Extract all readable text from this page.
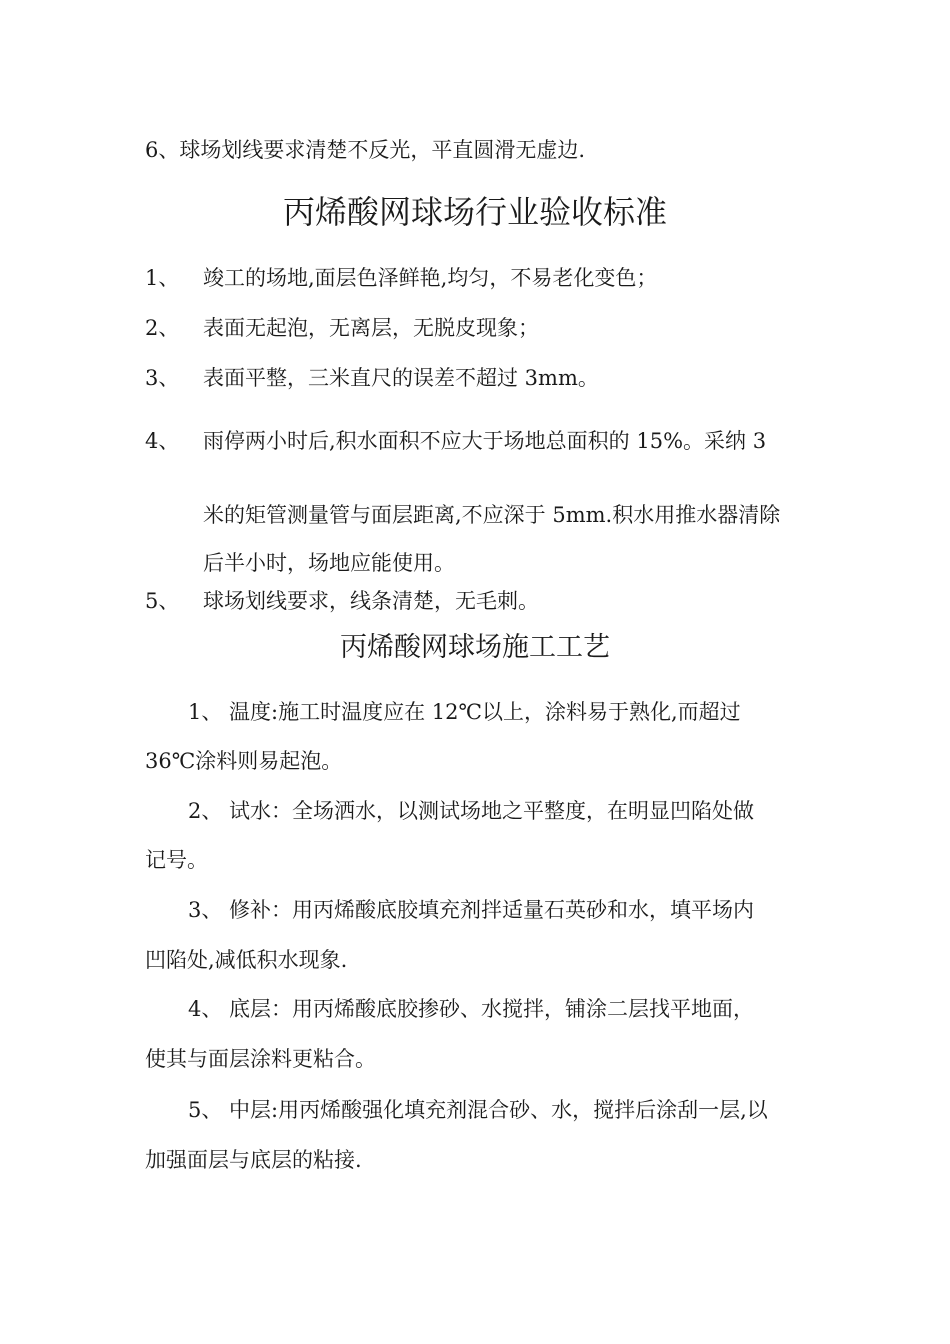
6、球场划线要求清楚不反光，平直圆滑无虚边.
丙烯酸网球场行业验收标准
1、 竣工的场地,面层色泽鲜艳,均匀，不易老化变色；
2、 表面无起泡，无离层，无脱皮现象；
3、 表面平整，三米直尺的误差不超过 3mm。
4、 雨停两小时后,积水面积不应大于场地总面积的 15%。采纳 3
米的矩管测量管与面层距离,不应深于 5mm.积水用推水器清除
后半小时，场地应能使用。
5、 球场划线要求，线条清楚，无毛刺。
丙烯酸网球场施工工艺
1、 温度:施工时温度应在 12℃以上，涂料易于熟化,而超过
36℃涂料则易起泡。
2、 试水：全场洒水，以测试场地之平整度，在明显凹陷处做
记号。
3、 修补：用丙烯酸底胶填充剂拌适量石英砂和水，填平场内
凹陷处,减低积水现象.
4、 底层：用丙烯酸底胶掺砂、水搅拌，铺涂二层找平地面，
使其与面层涂料更粘合。
5、 中层:用丙烯酸强化填充剂混合砂、水，搅拌后涂刮一层,以
加强面层与底层的粘接.
